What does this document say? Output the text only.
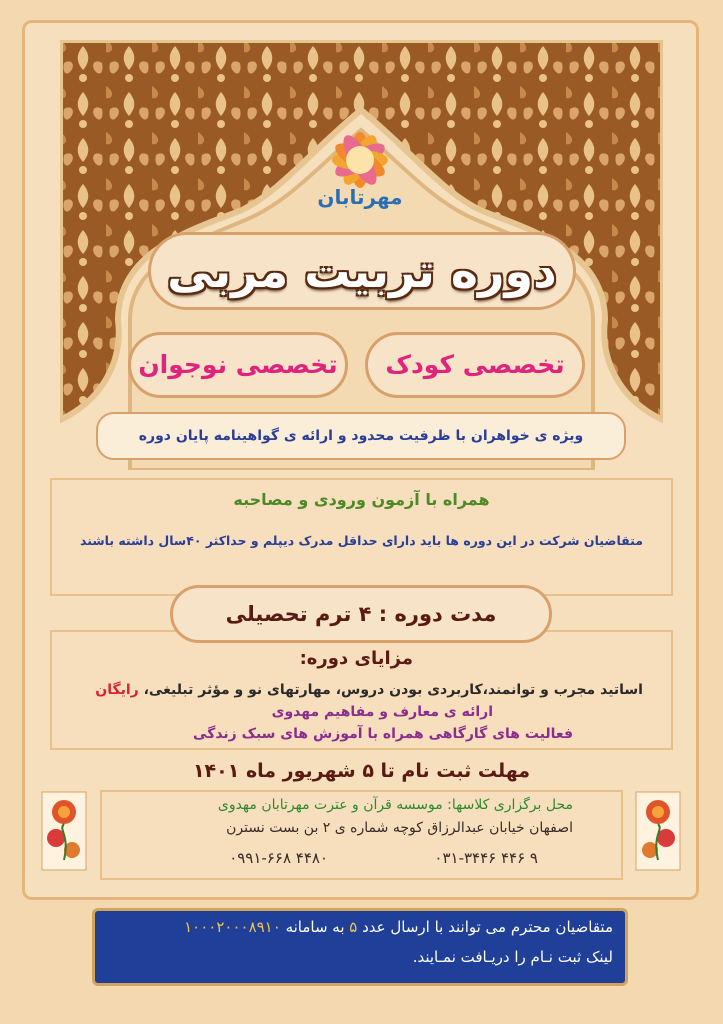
مهرتابان
دوره تربیت مربی
تخصصی کودک
تخصصی نوجوان
ویژه ی خواهران با ظرفیت محدود و ارائه ی گواهینامه پایان دوره
همراه با آزمون ورودی و مصاحبه
متقاضیان شرکت در این دوره ها باید دارای حداقل مدرک دیپلم و حداکثر ۴۰سال داشته باشند
مدت دوره : ۴ ترم تحصیلی
مزایای دوره:
اساتید مجرب و توانمند،کاربردی بودن دروس، مهارتهای نو و مؤثر تبلیغی، رایگان
ارائه ی معارف و مفاهیم مهدوی
فعالیت های گارگاهی همراه با آموزش های سبک زندگی
مهلت ثبت نام تا ۵ شهریور ماه ۱۴۰۱
محل برگزاری کلاسها: موسسه قرآن و عترت مهرتابان مهدوی
اصفهان خیابان عبدالرزاق کوچه شماره ی ۲ بن بست نسترن
۰۳۱-۳۴۴۶ ۴۴۶ ۹
۰۹۹۱-۶۶۸ ۴۴۸۰
متقاضیان محترم می توانند با ارسال عدد ۵ به سامانه ۱۰۰۰۲۰۰۰۸۹۱۰
لینک ثبت نـام را دریـافت نمـایند.
